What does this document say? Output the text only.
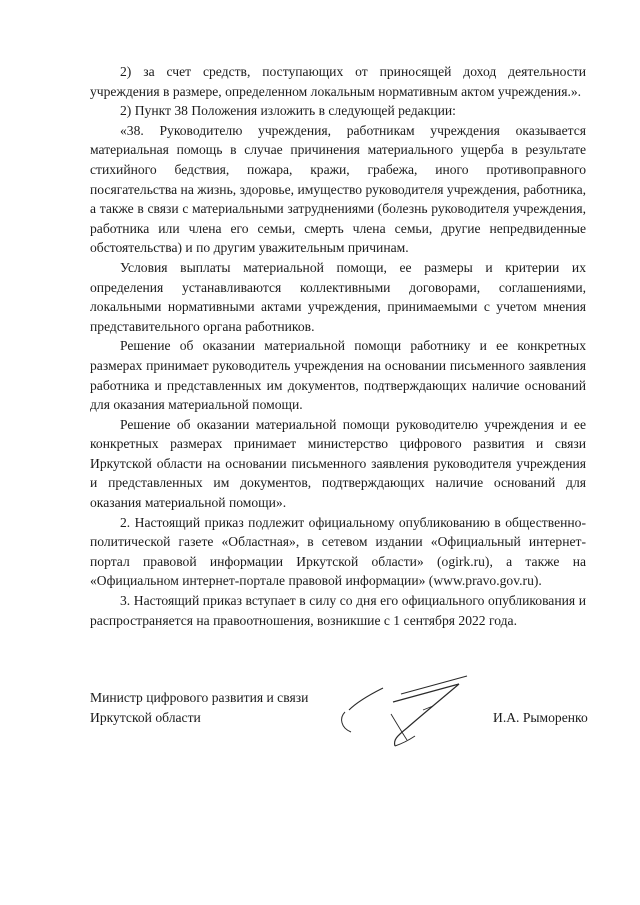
2) за счет средств, поступающих от приносящей доход деятельности учреждения в размере, определенном локальным нормативным актом учреждения.».

2) Пункт 38 Положения изложить в следующей редакции:

«38. Руководителю учреждения, работникам учреждения оказывается материальная помощь в случае причинения материального ущерба в результате стихийного бедствия, пожара, кражи, грабежа, иного противоправного посягательства на жизнь, здоровье, имущество руководителя учреждения, работника, а также в связи с материальными затруднениями (болезнь руководителя учреждения, работника или члена его семьи, смерть члена семьи, другие непредвиденные обстоятельства) и по другим уважительным причинам.

Условия выплаты материальной помощи, ее размеры и критерии их определения устанавливаются коллективными договорами, соглашениями, локальными нормативными актами учреждения, принимаемыми с учетом мнения представительного органа работников.

Решение об оказании материальной помощи работнику и ее конкретных размерах принимает руководитель учреждения на основании письменного заявления работника и представленных им документов, подтверждающих наличие оснований для оказания материальной помощи.

Решение об оказании материальной помощи руководителю учреждения и ее конкретных размерах принимает министерство цифрового развития и связи Иркутской области на основании письменного заявления руководителя учреждения и представленных им документов, подтверждающих наличие оснований для оказания материальной помощи».

2. Настоящий приказ подлежит официальному опубликованию в общественно-политической газете «Областная», в сетевом издании «Официальный интернет-портал правовой информации Иркутской области» (ogirk.ru), а также на «Официальном интернет-портале правовой информации» (www.pravo.gov.ru).

3. Настоящий приказ вступает в силу со дня его официального опубликования и распространяется на правоотношения, возникшие с 1 сентября 2022 года.

Министр цифрового развития и связи
Иркутской области	И.А. Рыморенко
